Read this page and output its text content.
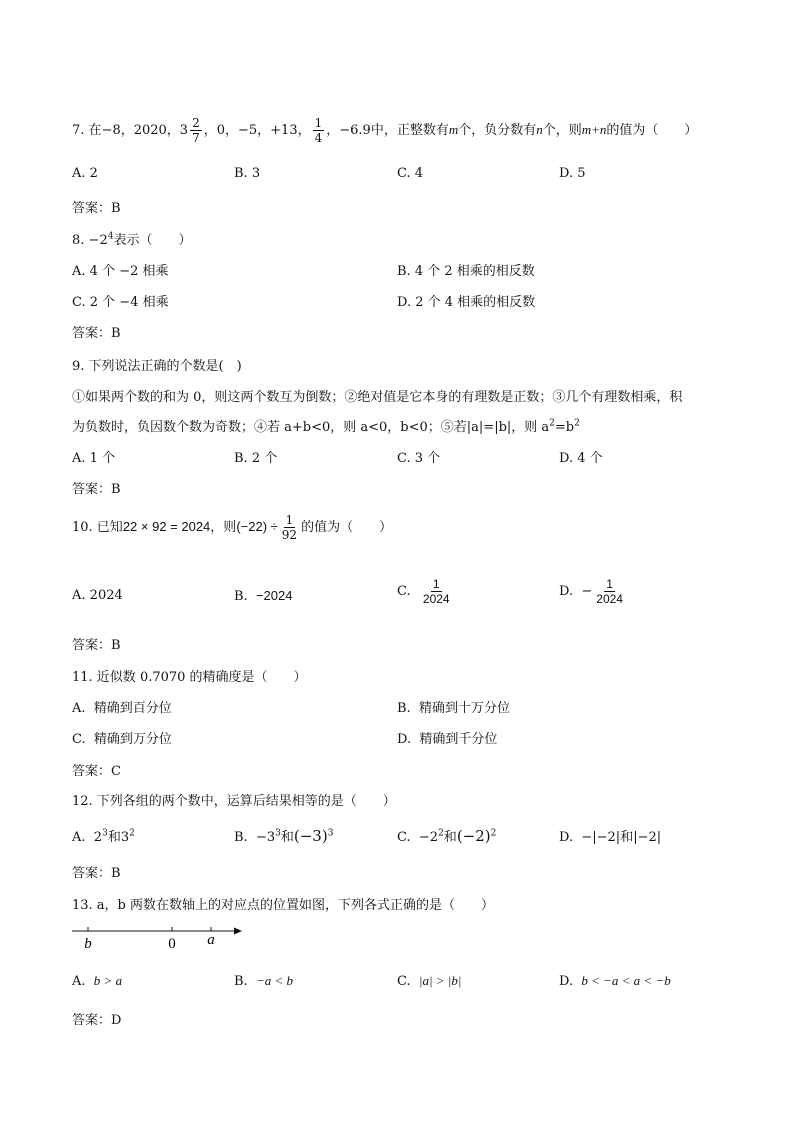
7. 在−8，2020，$3 \frac{2}{7}$ ，0，−5，+13， $\frac{1}{4}$ ，−6.9中，正整数有m个，负分数有n个，则m+n的值为（　　）
A. 2	B. 3	C. 4	D. 5
答案：B
8. $-2^4$表示（　　）
A. 4 个 −2 相乘	B. 4 个 2 相乘的相反数
C. 2 个 −4 相乘	D. 2 个 4 相乘的相反数
答案：B
9. 下列说法正确的个数是(　)
①如果两个数的和为 0，则这两个数互为倒数；②绝对值是它本身的有理数是正数；③几个有理数相乘，积
为负数时，负因数个数为奇数；④若 a+b<0，则 a<0，b<0；⑤若|a|=|b|，则 $a^2=b^2$
A. 1 个	B. 2 个	C. 3 个	D. 4 个
答案：B
10. 已知22 × 92 = 2024，则$(-22) \div \frac{1}{92}$ 的值为（　　）
A. 2024	B. −2024	C. $\frac{1}{2024}$	D. − $\frac{1}{2024}$
答案：B
11. 近似数 0.7070 的精确度是（　　）
A. 精确到百分位	B. 精确到十万分位
C. 精确到万分位	D. 精确到千分位
答案：C
12. 下列各组的两个数中，运算后结果相等的是（　　）
A. $2^3$和$3^2$	B. $-3^3$和$(-3)^3$	C. $-2^2$和$(-2)^2$	D. −|−2|和|−2|
答案：B
13. a，b 两数在数轴上的对应点的位置如图，下列各式正确的是（　　）
b	0 a
A. b > a	B. −a < b	C. |a| > |b|	D. b < −a < a < −b
答案：D
